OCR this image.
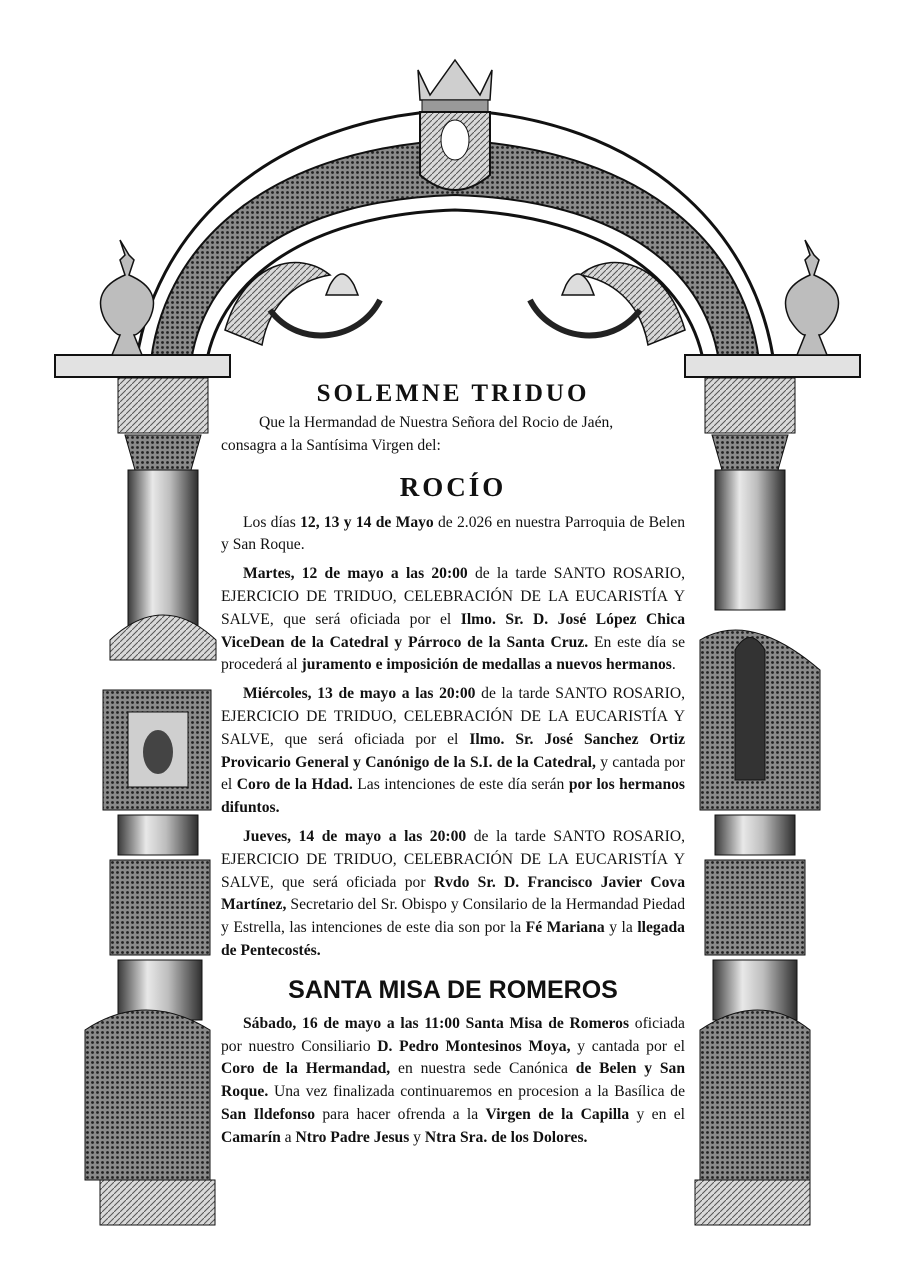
SOLEMNE TRIDUO

Que la Hermandad de Nuestra Señora del Rocio de Jaén,
consagra a la Santísima Virgen del:

ROCÍO

Los días 12, 13 y 14 de Mayo de 2.026 en nuestra Parroquia de Belen y San Roque.

Martes, 12 de mayo a las 20:00 de la tarde SANTO ROSARIO, EJERCICIO DE TRIDUO, CELEBRACIÓN DE LA EUCARISTÍA Y SALVE, que será oficiada por el Ilmo. Sr. D. José López Chica ViceDean de la Catedral y Párroco de la Santa Cruz. En este día se procederá al juramento e imposición de medallas a nuevos hermanos.

Miércoles, 13 de mayo a las 20:00 de la tarde SANTO ROSARIO, EJERCICIO DE TRIDUO, CELEBRACIÓN DE LA EUCARISTÍA Y SALVE, que será oficiada por el Ilmo. Sr. José Sanchez Ortiz Provicario General y Canónigo de la S.I. de la Catedral, y cantada por el Coro de la Hdad. Las intenciones de este día serán por los hermanos difuntos.

Jueves, 14 de mayo a las 20:00 de la tarde SANTO ROSARIO, EJERCICIO DE TRIDUO, CELEBRACIÓN DE LA EUCARISTÍA Y SALVE, que será oficiada por Rvdo Sr. D. Francisco Javier Cova Martínez, Secretario del Sr. Obispo y Consilario de la Hermandad Piedad y Estrella, las intenciones de este dia son por la Fé Mariana y la llegada de Pentecostés.

SANTA MISA DE ROMEROS

Sábado, 16 de mayo a las 11:00 Santa Misa de Romeros oficiada por nuestro Consiliario D. Pedro Montesinos Moya, y cantada por el Coro de la Hermandad, en nuestra sede Canónica de Belen y San Roque. Una vez finalizada continuaremos en procesion a la Basílica de San Ildefonso para hacer ofrenda a la Virgen de la Capilla y en el Camarín a Ntro Padre Jesus y Ntra Sra. de los Dolores.
